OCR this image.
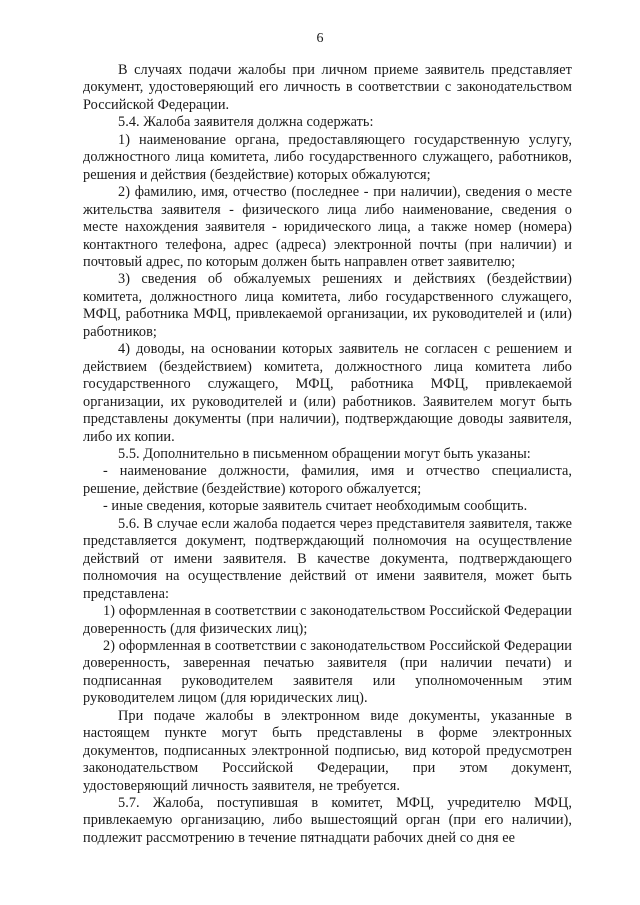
6

В случаях подачи жалобы при личном приеме заявитель представляет документ, удостоверяющий его личность в соответствии с законодательством Российской Федерации.

5.4. Жалоба заявителя должна содержать:

1) наименование органа, предоставляющего государственную услугу, должностного лица комитета, либо государственного служащего, работников, решения и действия (бездействие) которых обжалуются;

2) фамилию, имя, отчество (последнее - при наличии), сведения о месте жительства заявителя - физического лица либо наименование, сведения о месте нахождения заявителя - юридического лица, а также номер (номера) контактного телефона, адрес (адреса) электронной почты (при наличии) и почтовый адрес, по которым должен быть направлен ответ заявителю;

3) сведения об обжалуемых решениях и действиях (бездействии) комитета, должностного лица комитета, либо государственного служащего, МФЦ, работника МФЦ, привлекаемой организации, их руководителей и (или) работников;

4) доводы, на основании которых заявитель не согласен с решением и действием (бездействием) комитета, должностного лица комитета либо государственного служащего, МФЦ, работника МФЦ, привлекаемой организации, их руководителей и (или) работников. Заявителем могут быть представлены документы (при наличии), подтверждающие доводы заявителя, либо их копии.

5.5. Дополнительно в письменном обращении могут быть указаны:

- наименование должности, фамилия, имя и отчество специалиста, решение, действие (бездействие) которого обжалуется;

- иные сведения, которые заявитель считает необходимым сообщить.

5.6. В случае если жалоба подается через представителя заявителя, также представляется документ, подтверждающий полномочия на осуществление действий от имени заявителя. В качестве документа, подтверждающего полномочия на осуществление действий от имени заявителя, может быть представлена:

1) оформленная в соответствии с законодательством Российской Федерации доверенность (для физических лиц);

2) оформленная в соответствии с законодательством Российской Федерации доверенность, заверенная печатью заявителя (при наличии печати) и подписанная руководителем заявителя или уполномоченным этим руководителем лицом (для юридических лиц).

При подаче жалобы в электронном виде документы, указанные в настоящем пункте могут быть представлены в форме электронных документов, подписанных электронной подписью, вид которой предусмотрен законодательством Российской Федерации, при этом документ, удостоверяющий личность заявителя, не требуется.

5.7. Жалоба, поступившая в комитет, МФЦ, учредителю МФЦ, привлекаемую организацию, либо вышестоящий орган (при его наличии), подлежит рассмотрению в течение пятнадцати рабочих дней со дня ее
